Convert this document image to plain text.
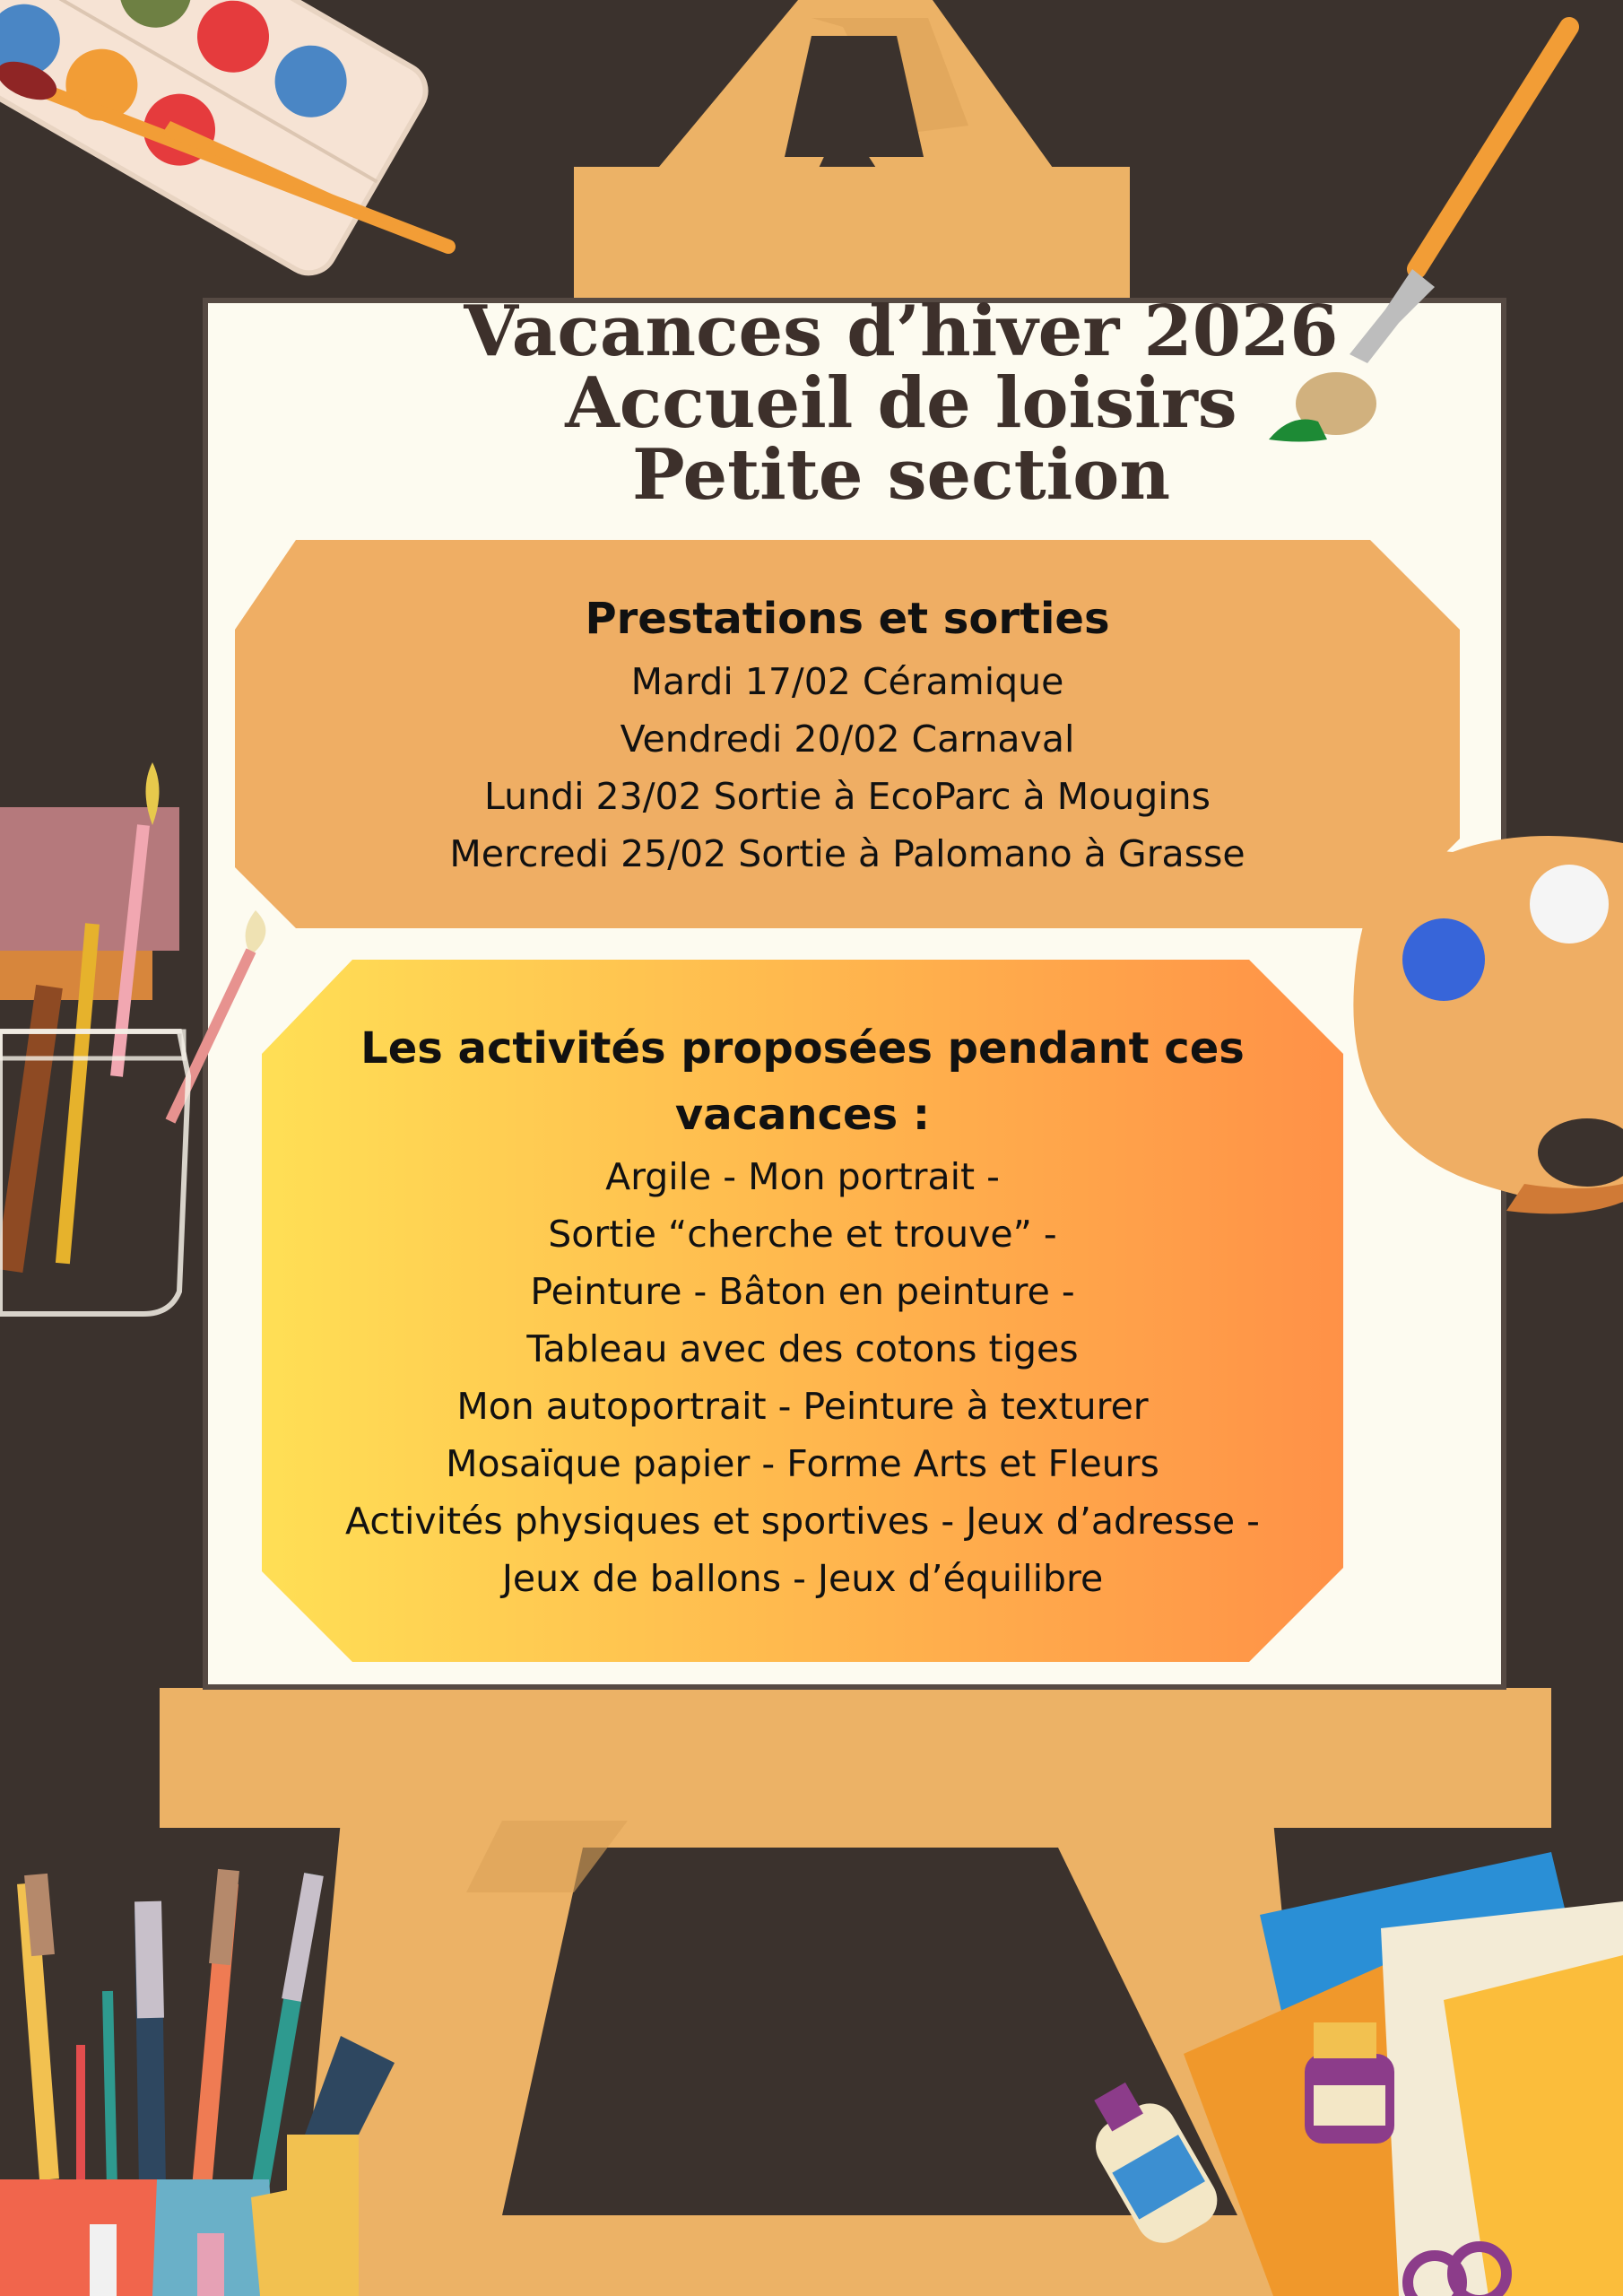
Vacances d’hiver 2026
Accueil de loisirs
Petite section
Prestations et sorties
Mardi 17/02 Céramique
Vendredi 20/02 Carnaval
Lundi 23/02 Sortie à EcoParc à Mougins
Mercredi 25/02 Sortie à Palomano à Grasse
Les activités proposées pendant ces
vacances :
Argile - Mon portrait -
Sortie “cherche et trouve” -
Peinture - Bâton en peinture -
Tableau avec des cotons tiges
Mon autoportrait - Peinture à texturer
Mosaïque papier - Forme Arts et Fleurs
Activités physiques et sportives - Jeux d’adresse -
Jeux de ballons - Jeux d’équilibre
